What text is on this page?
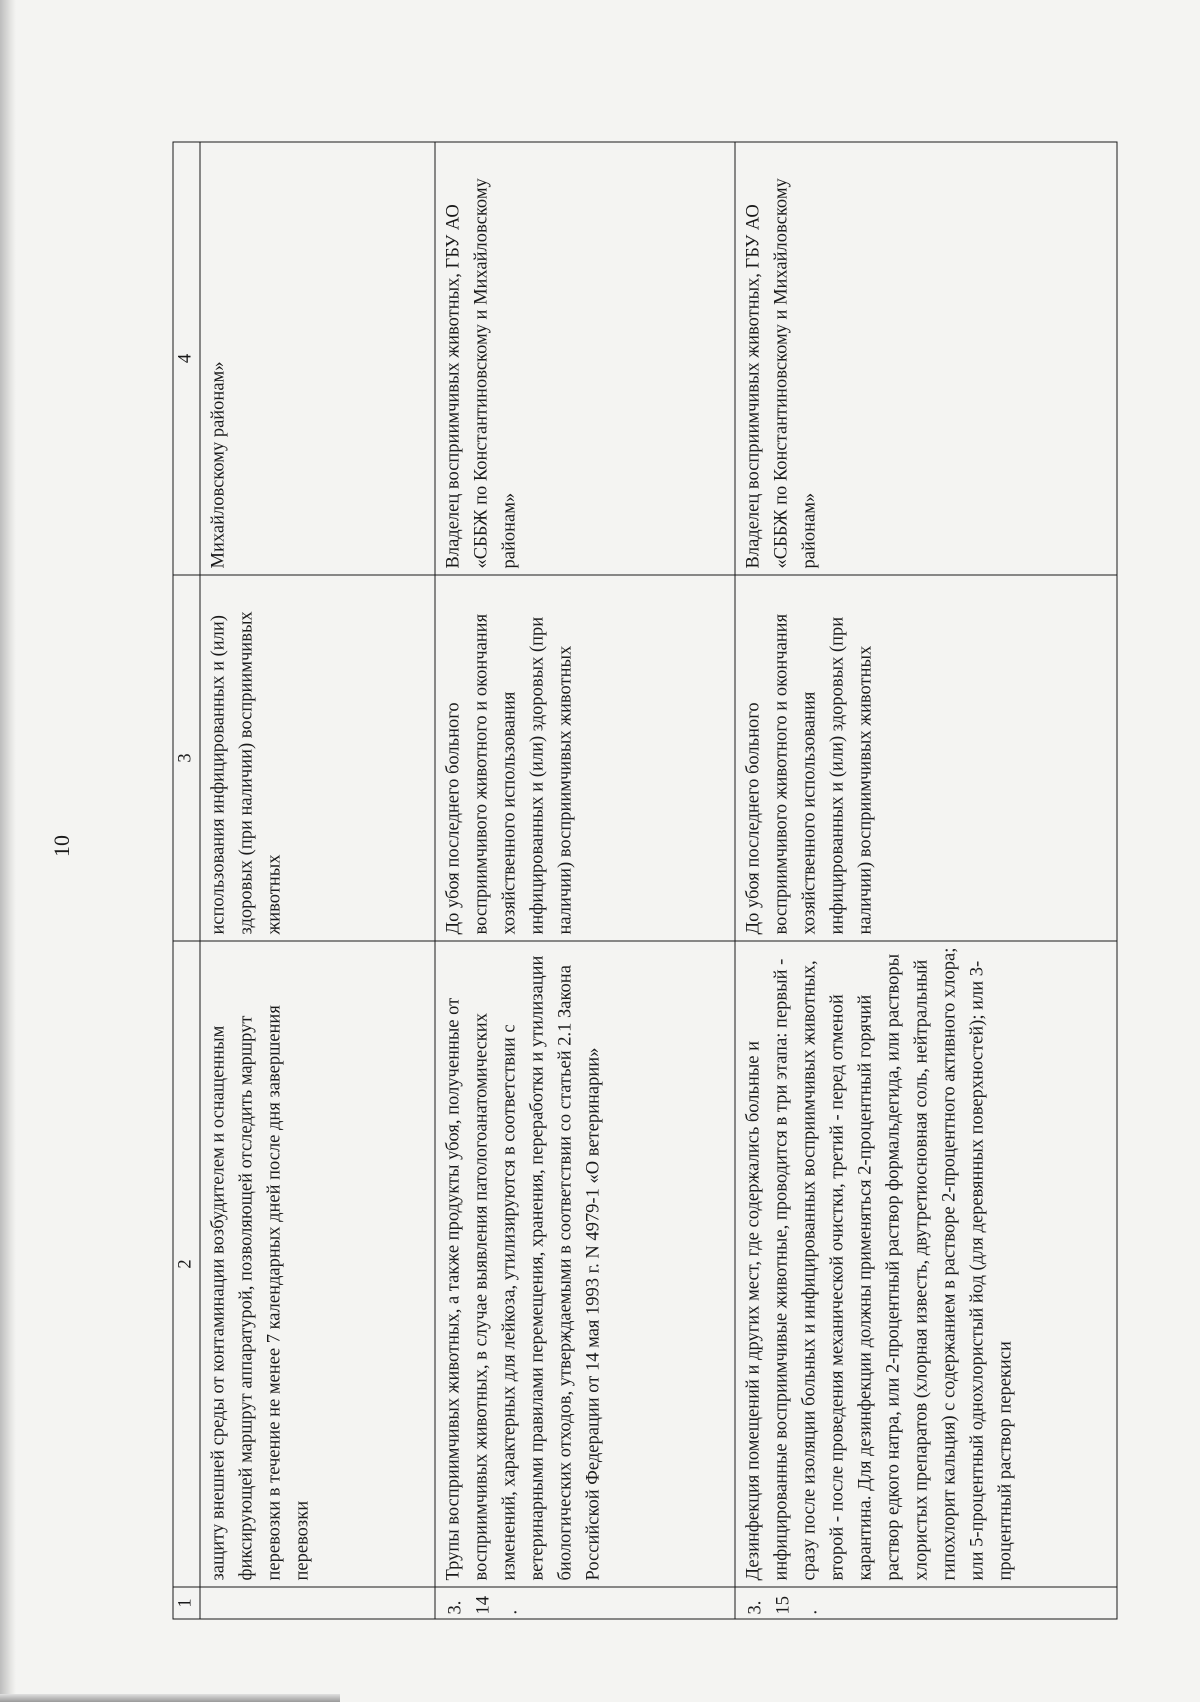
10
1	2	3	4
	защиту внешней среды от контаминации возбудителем и оснащенным фиксирующей маршрут аппаратурой, позволяющей отследить маршрут перевозки в течение не менее 7 календарных дней после дня завершения перевозки	использования инфицированных и (или) здоровых (при наличии) восприимчивых животных	Михайловскому районам»
3.14.	Трупы восприимчивых животных, а также продукты убоя, полученные от восприимчивых животных, в случае выявления патологоанатомических изменений, характерных для лейкоза, утилизируются в соответствии с ветеринарными правилами перемещения, хранения, переработки и утилизации биологических отходов, утверждаемыми в соответствии со статьей 2.1 Закона Российской Федерации от 14 мая 1993 г. N 4979-1 «О ветеринарии»	До убоя последнего больного восприимчивого животного и окончания хозяйственного использования инфицированных и (или) здоровых (при наличии) восприимчивых животных	Владелец восприимчивых животных, ГБУ АО «СББЖ по Константиновскому и Михайловскому районам»
3.15.	Дезинфекция помещений и других мест, где содержались больные и инфицированные восприимчивые животные, проводится в три этапа: первый - сразу после изоляции больных и инфицированных восприимчивых животных, второй - после проведения механической очистки, третий - перед отменой карантина. Для дезинфекции должны применяться 2-процентный горячий раствор едкого натра, или 2-процентный раствор формальдегида, или растворы хлористых препаратов (хлорная известь, двутретиосновная соль, нейтральный гипохлорит кальция) с содержанием в растворе 2-процентного активного хлора; или 5-процентный однохлористый йод (для деревянных поверхностей); или 3-процентный раствор перекиси	До убоя последнего больного восприимчивого животного и окончания хозяйственного использования инфицированных и (или) здоровых (при наличии) восприимчивых животных	Владелец восприимчивых животных, ГБУ АО «СББЖ по Константиновскому и Михайловскому районам»
